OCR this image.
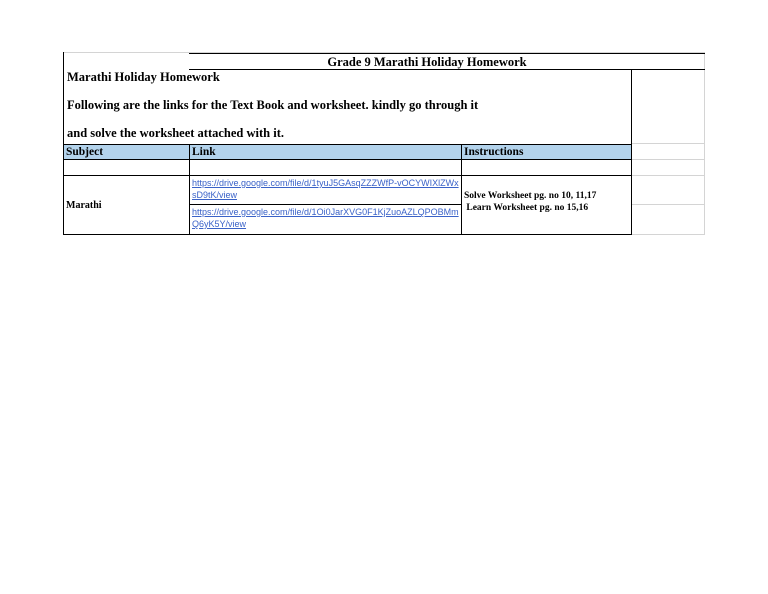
Grade 9 Marathi Holiday Homework
Marathi Holiday Homework
Following are the links for the Text Book and worksheet. kindly go through it
and solve the worksheet attached with it.
Subject	Link	Instructions
Marathi
https://drive.google.com/file/d/1tyuJ5GAsqZZZWfP-vOCYWIXlZWxsD9tK/view
https://drive.google.com/file/d/1Oi0JarXVG0F1KjZuoAZLQPOBMmQ6yK5Y/view
Solve Worksheet pg. no 10, 11,17
Learn Worksheet pg. no 15,16
